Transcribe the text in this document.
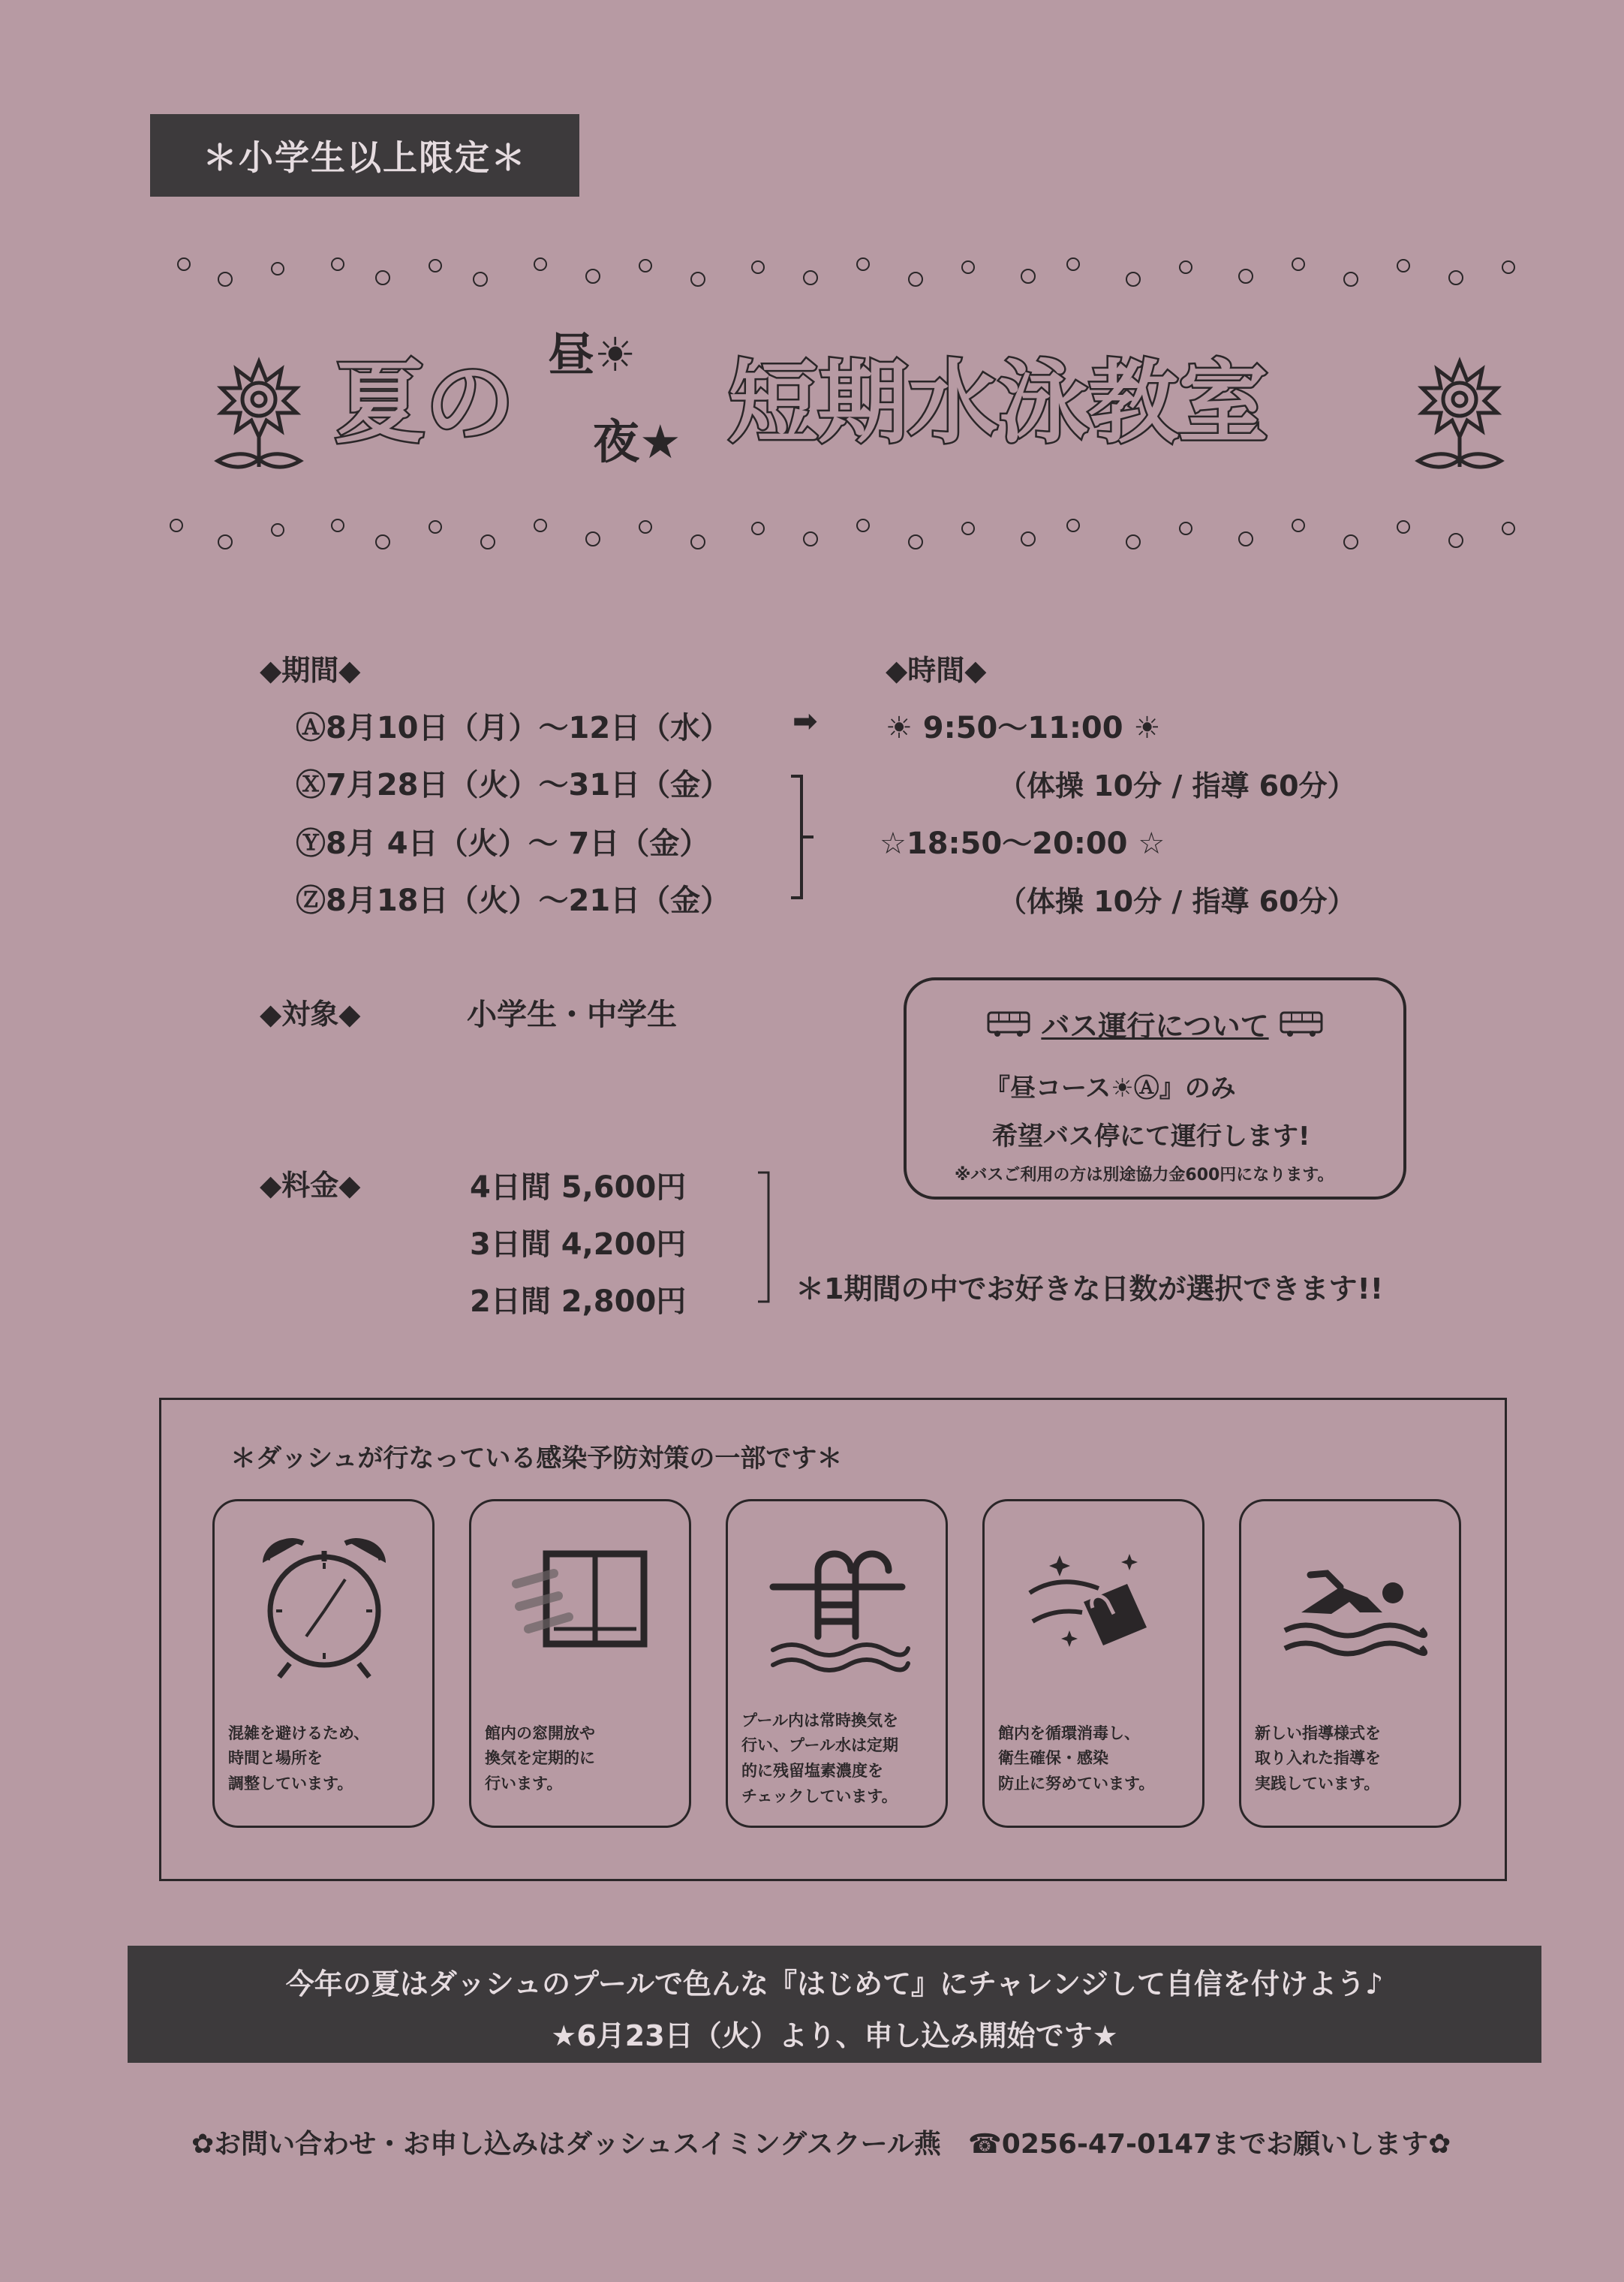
＊小学生以上限定＊
夏の 昼☀
夜★ 短期水泳教室
◆期間◆
Ⓐ8月10日（月）～12日（水）
Ⓧ7月28日（火）～31日（金）
Ⓨ8月 4日（火）～ 7日（金）
Ⓩ8月18日（火）～21日（金）
➡
◆時間◆
☀ 9:50～11:00 ☀
（体操 10分 / 指導 60分）
☆18:50～20:00 ☆
（体操 10分 / 指導 60分）
◆対象◆	小学生・中学生	バス運行について
『昼コース☀Ⓐ』のみ
希望バス停にて運行します!
※バスご利用の方は別途協力金600円になります。
◆料金◆	4日間 5,600円
3日間 4,200円
2日間 2,800円	＊1期間の中でお好きな日数が選択できます!!
＊ダッシュが行なっている感染予防対策の一部です＊
混雑を避けるため、
時間と場所を
調整しています。
館内の窓開放や
換気を定期的に
行います。
プール内は常時換気を
行い、プール水は定期
的に残留塩素濃度を
チェックしています。
館内を循環消毒し、
衛生確保・感染
防止に努めています。
新しい指導様式を
取り入れた指導を
実践しています。
今年の夏はダッシュのプールで色んな『はじめて』にチャレンジして自信を付けよう♪
★6月23日（火）より、申し込み開始です★
✿お問い合わせ・お申し込みはダッシュスイミングスクール燕　☎0256-47-0147までお願いします✿
